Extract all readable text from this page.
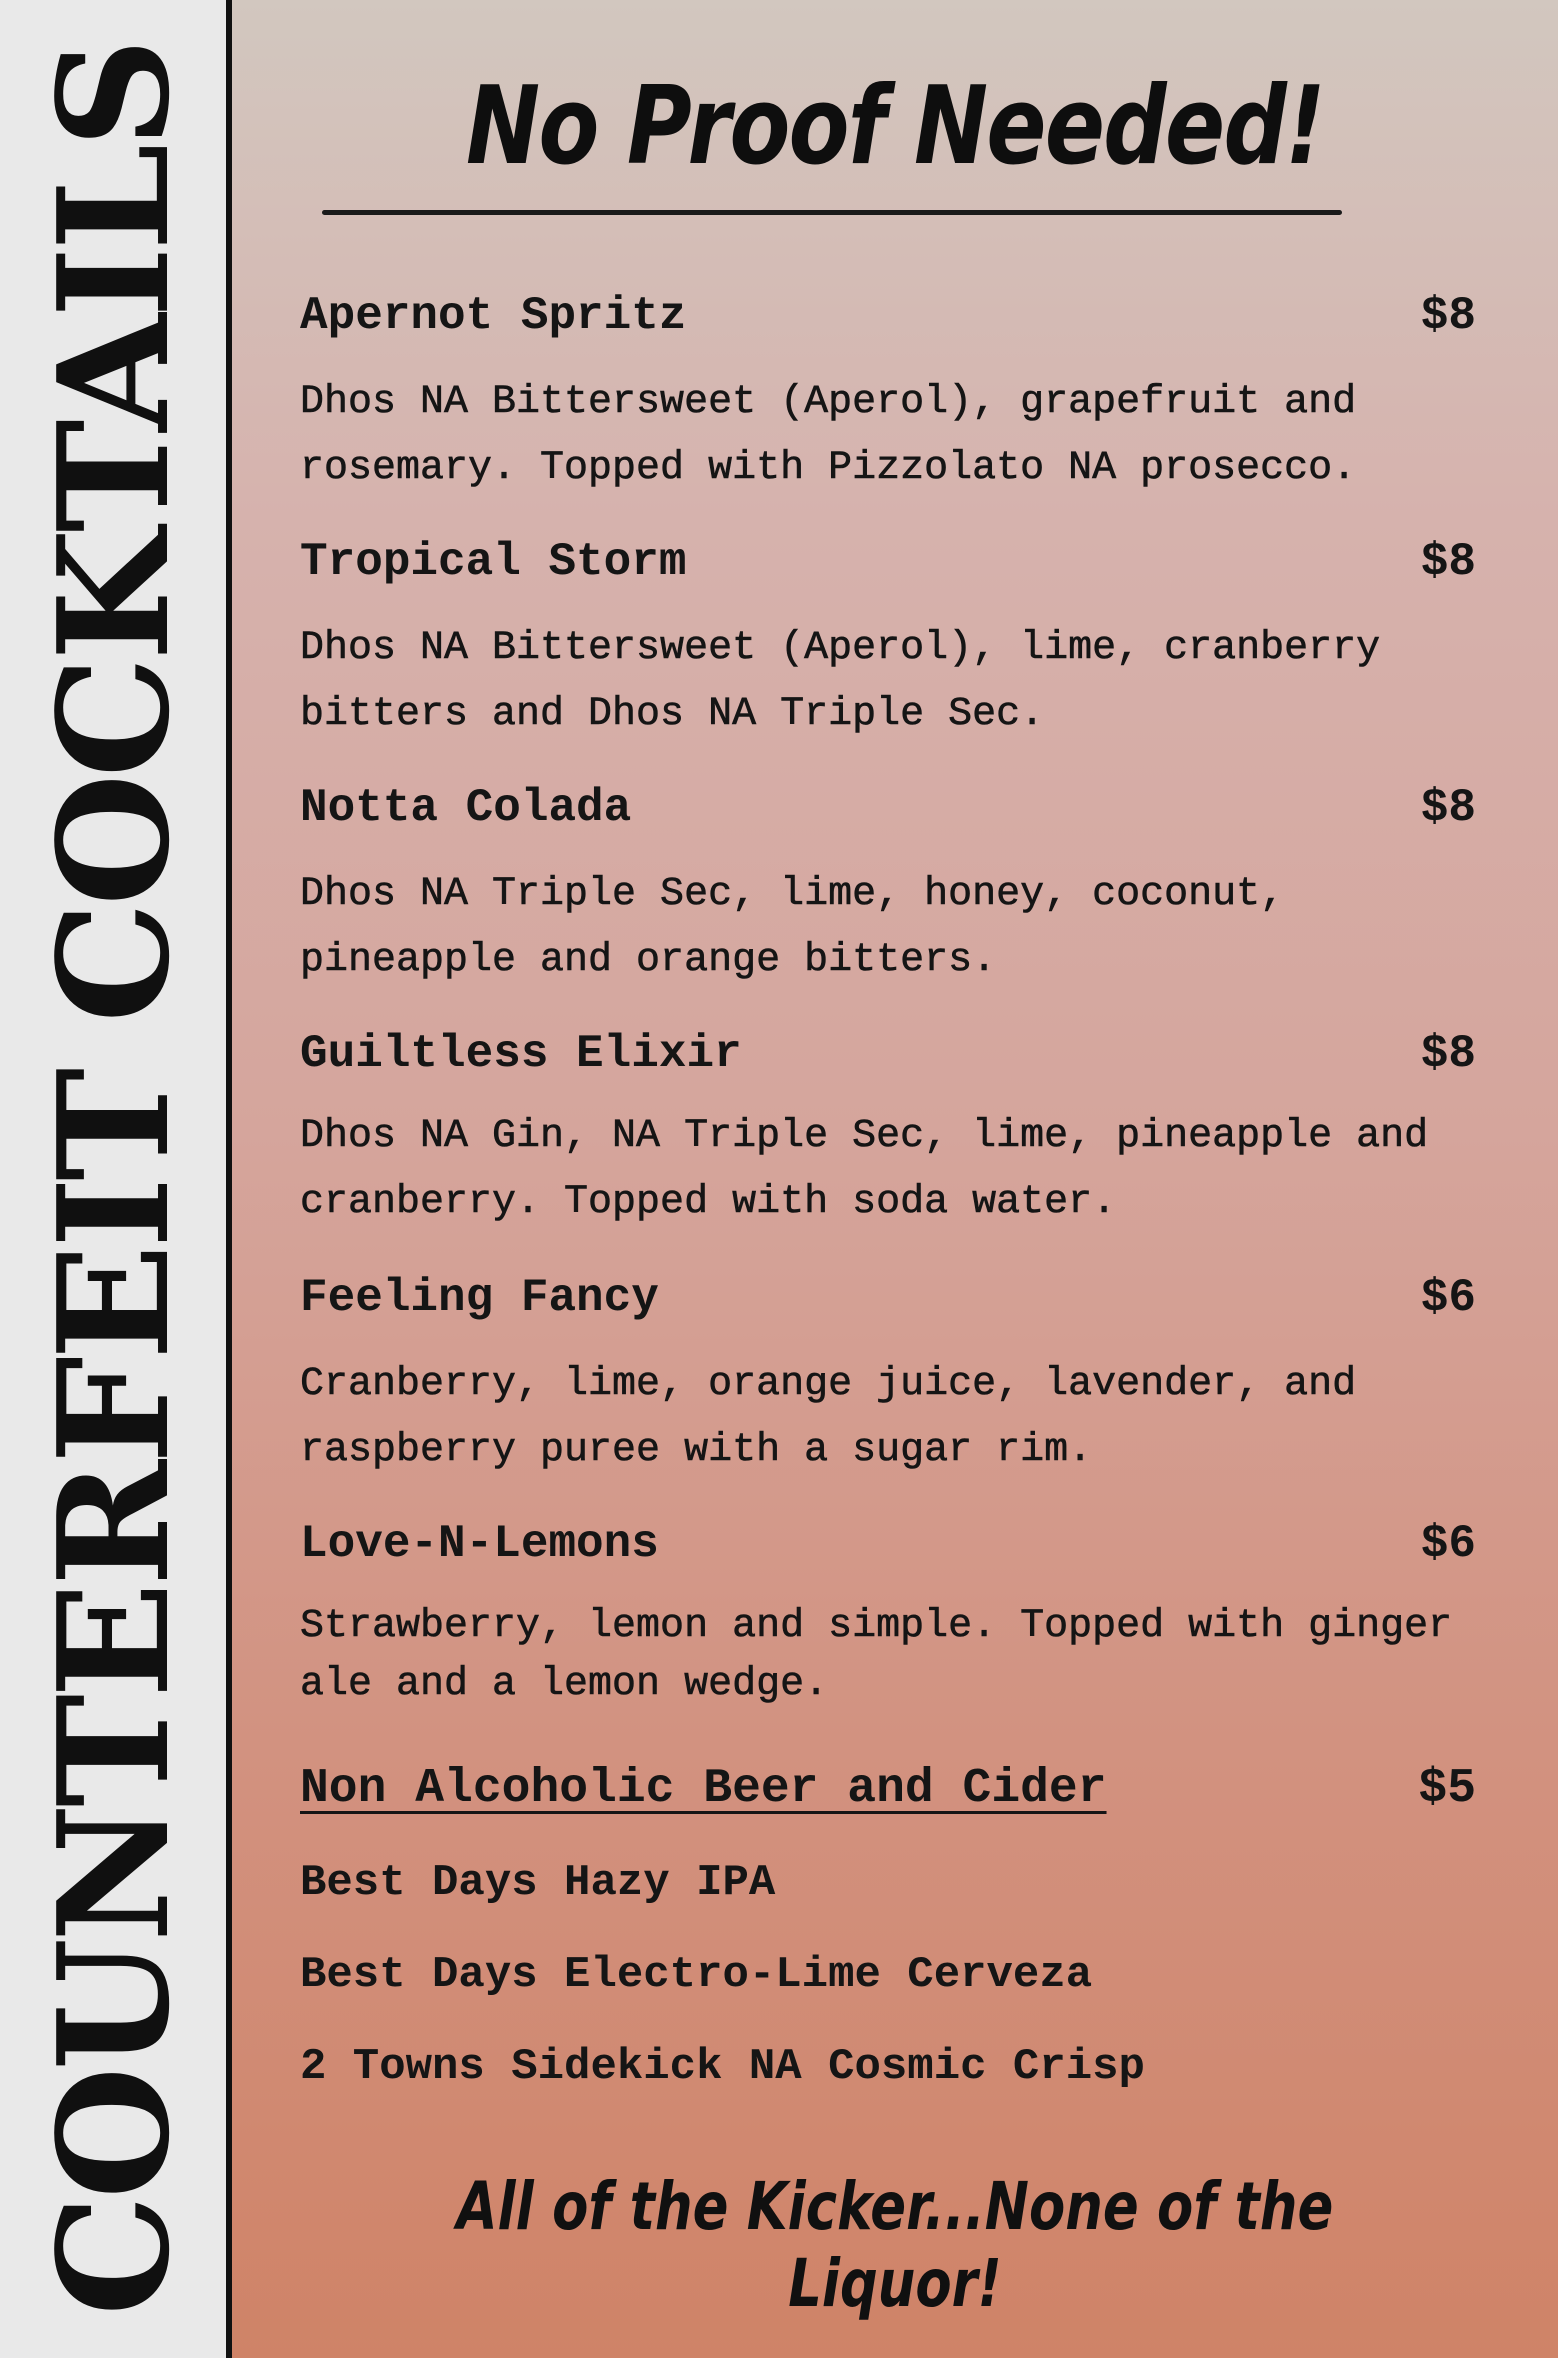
COUNTERFEIT COCKTAILS	No Proof Needed!
Apernot Spritz	$8
Dhos NA Bittersweet (Aperol), grapefruit and rosemary. Topped with Pizzolato NA prosecco.
Tropical Storm	$8
Dhos NA Bittersweet (Aperol), lime, cranberry bitters and Dhos NA Triple Sec.
Notta Colada	$8
Dhos NA Triple Sec, lime, honey, coconut, pineapple and orange bitters.
Guiltless Elixir	$8
Dhos NA Gin, NA Triple Sec, lime, pineapple and cranberry. Topped with soda water.
Feeling Fancy	$6
Cranberry, lime, orange juice, lavender, and raspberry puree with a sugar rim.
Love-N-Lemons	$6
Strawberry, lemon and simple. Topped with ginger ale and a lemon wedge.
Non Alcoholic Beer and Cider	$5
Best Days Hazy IPA
Best Days Electro-Lime Cerveza
2 Towns Sidekick NA Cosmic Crisp

All of the Kicker...None of the Liquor!
